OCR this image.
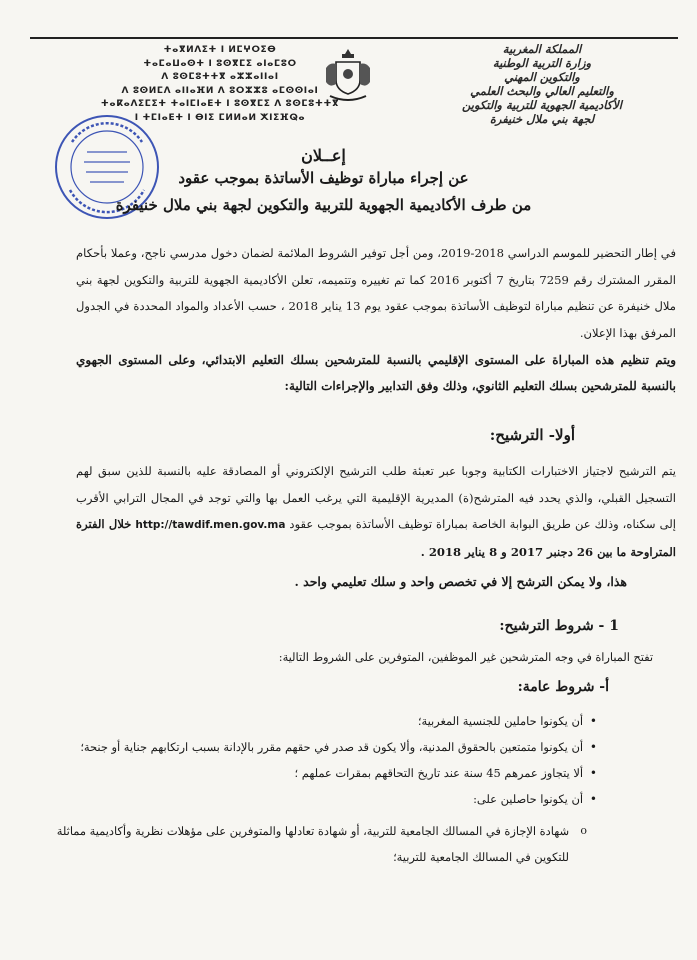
المملكة المغربية
وزارة التربية الوطنية
والتكوين المهني
والتعليم العالي والبحث العلمي
الأكاديمية الجهوية للتربية والتكوين
لجهة بني ملال خنيفرة
ⵜⴰⴳⵍⴷⵉⵜ ⵏ ⵍⵎⵖⵔⵉⴱ
ⵜⴰⵎⴰⵡⴰⵙⵜ ⵏ ⵓⵙⴳⵎⵉ ⴰⵏⴰⵎⵓⵔ
ⴷ ⵓⵙⵎⵓⵜⵜⴳ ⴰⵣⵣⴰⵏⵏⴰⵏ
ⴷ ⵓⵙⵍⵎⴷ ⴰⵏⵏⴰⴼⵍ ⴷ ⵓⵔⵣⵣⵓ ⴰⵎⵙⵙⵏⴰⵏ
ⵜⴰⴽⴰⴷⵉⵎⵉⵜ ⵜⴰⵏⵎⵏⴰⴹⵜ ⵏ ⵓⵙⴳⵎⵉ ⴷ ⵓⵙⵎⵓⵜⵜⴳ
ⵏ ⵜⵎⵏⴰⴹⵜ ⵏ ⴱⵏⵉ ⵎⵍⵍⴰⵍ ⵅⵏⵉⴼⵕⴰ
إعــلان
عن إجراء مباراة توظيف الأساتذة بموجب عقود
من طرف الأكاديمية الجهوية للتربية والتكوين لجهة بني ملال خنيفرة
في إطار التحضير للموسم الدراسي 2018-2019، ومن أجل توفير الشروط الملائمة لضمان دخول مدرسي ناجح، وعملا بأحكام المقرر المشترك رقم 7259 بتاريخ 7 أكتوبر 2016 كما تم تغييره وتتميمه، تعلن الأكاديمية الجهوية للتربية والتكوين لجهة بني ملال خنيفرة عن تنظيم مباراة لتوظيف الأساتذة بموجب عقود يوم 13 يناير 2018 ، حسب الأعداد والمواد المحددة في الجدول المرفق بهذا الإعلان.
ويتم تنظيم هذه المباراة على المستوى الإقليمي بالنسبة للمترشحين بسلك التعليم الابتدائي، وعلى المستوى الجهوي بالنسبة للمترشحين بسلك التعليم الثانوي، وذلك وفق التدابير والإجراءات التالية:
أولا- الترشيح:
يتم الترشيح لاجتياز الاختبارات الكتابية وجوبا عبر تعبئة طلب الترشيح الإلكتروني أو المصادقة عليه بالنسبة للذين سبق لهم التسجيل القبلي، والذي يحدد فيه المترشح(ة) المديرية الإقليمية التي يرغب العمل بها والتي توجد في المجال الترابي الأقرب إلى سكناه، وذلك عن طريق البوابة الخاصة بمباراة توظيف الأساتذة بموجب عقود http://tawdif.men.gov.ma خلال الفترة المتراوحة ما بين 26 دجنبر 2017 و 8 يناير 2018 .
هذا، ولا يمكن الترشح إلا في تخصص واحد و سلك تعليمي واحد .
1 - شروط الترشيح:
تفتح المباراة في وجه المترشحين غير الموظفين، المتوفرين على الشروط التالية:
أ- شروط عامة:
• أن يكونوا حاملين للجنسية المغربية؛
• أن يكونوا متمتعين بالحقوق المدنية، وألا يكون قد صدر في حقهم مقرر بالإدانة بسبب ارتكابهم جناية أو جنحة؛
• ألا يتجاوز عمرهم 45 سنة عند تاريخ التحاقهم بمقرات عملهم ؛
• أن يكونوا حاصلين على:
o شهادة الإجازة في المسالك الجامعية للتربية، أو شهادة تعادلها والمتوفرين على مؤهلات نظرية وأكاديمية مماثلة للتكوين في المسالك الجامعية للتربية؛
